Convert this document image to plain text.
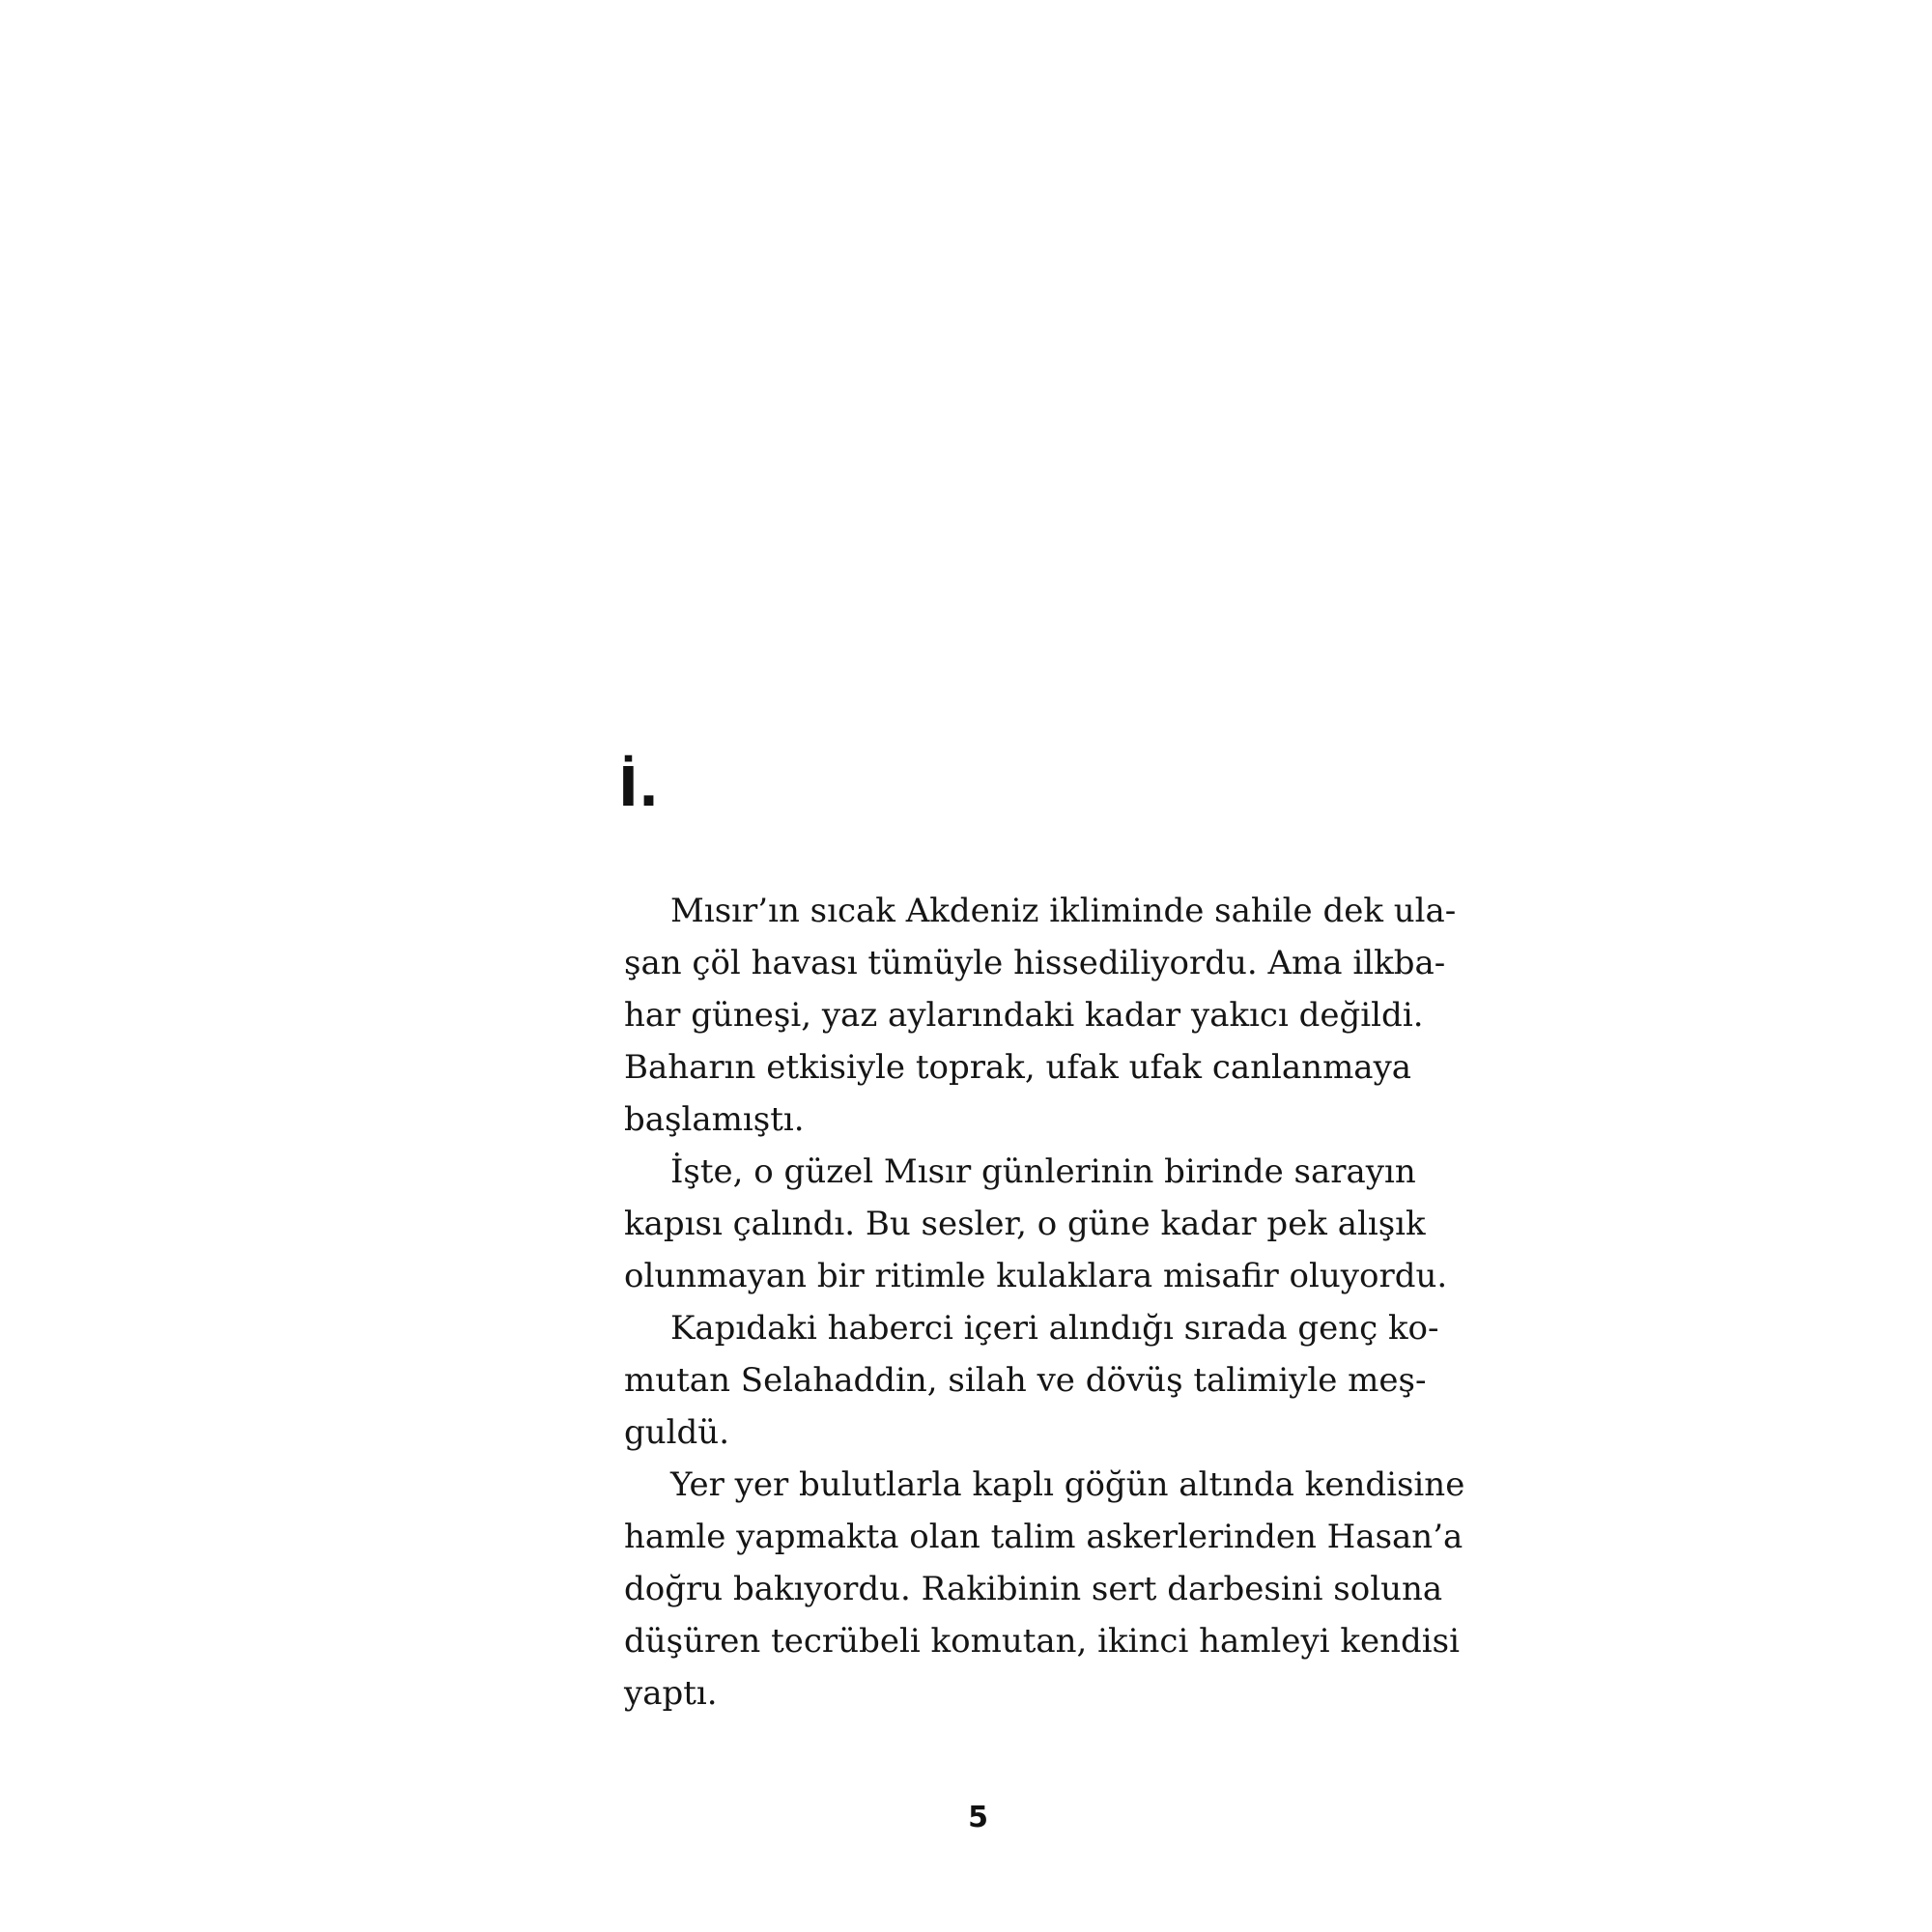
İ.
Mısır’ın sıcak Akdeniz ikliminde sahile dek ula-
şan çöl havası tümüyle hissediliyordu. Ama ilkba-
har güneşi, yaz aylarındaki kadar yakıcı değildi.
Baharın etkisiyle toprak, ufak ufak canlanmaya
başlamıştı.
İşte, o güzel Mısır günlerinin birinde sarayın
kapısı çalındı. Bu sesler, o güne kadar pek alışık
olunmayan bir ritimle kulaklara misafir oluyordu.
Kapıdaki haberci içeri alındığı sırada genç ko-
mutan Selahaddin, silah ve dövüş talimiyle meş-
guldü.
Yer yer bulutlarla kaplı göğün altında kendisine
hamle yapmakta olan talim askerlerinden Hasan’a
doğru bakıyordu. Rakibinin sert darbesini soluna
düşüren tecrübeli komutan, ikinci hamleyi kendisi
yaptı.
5
